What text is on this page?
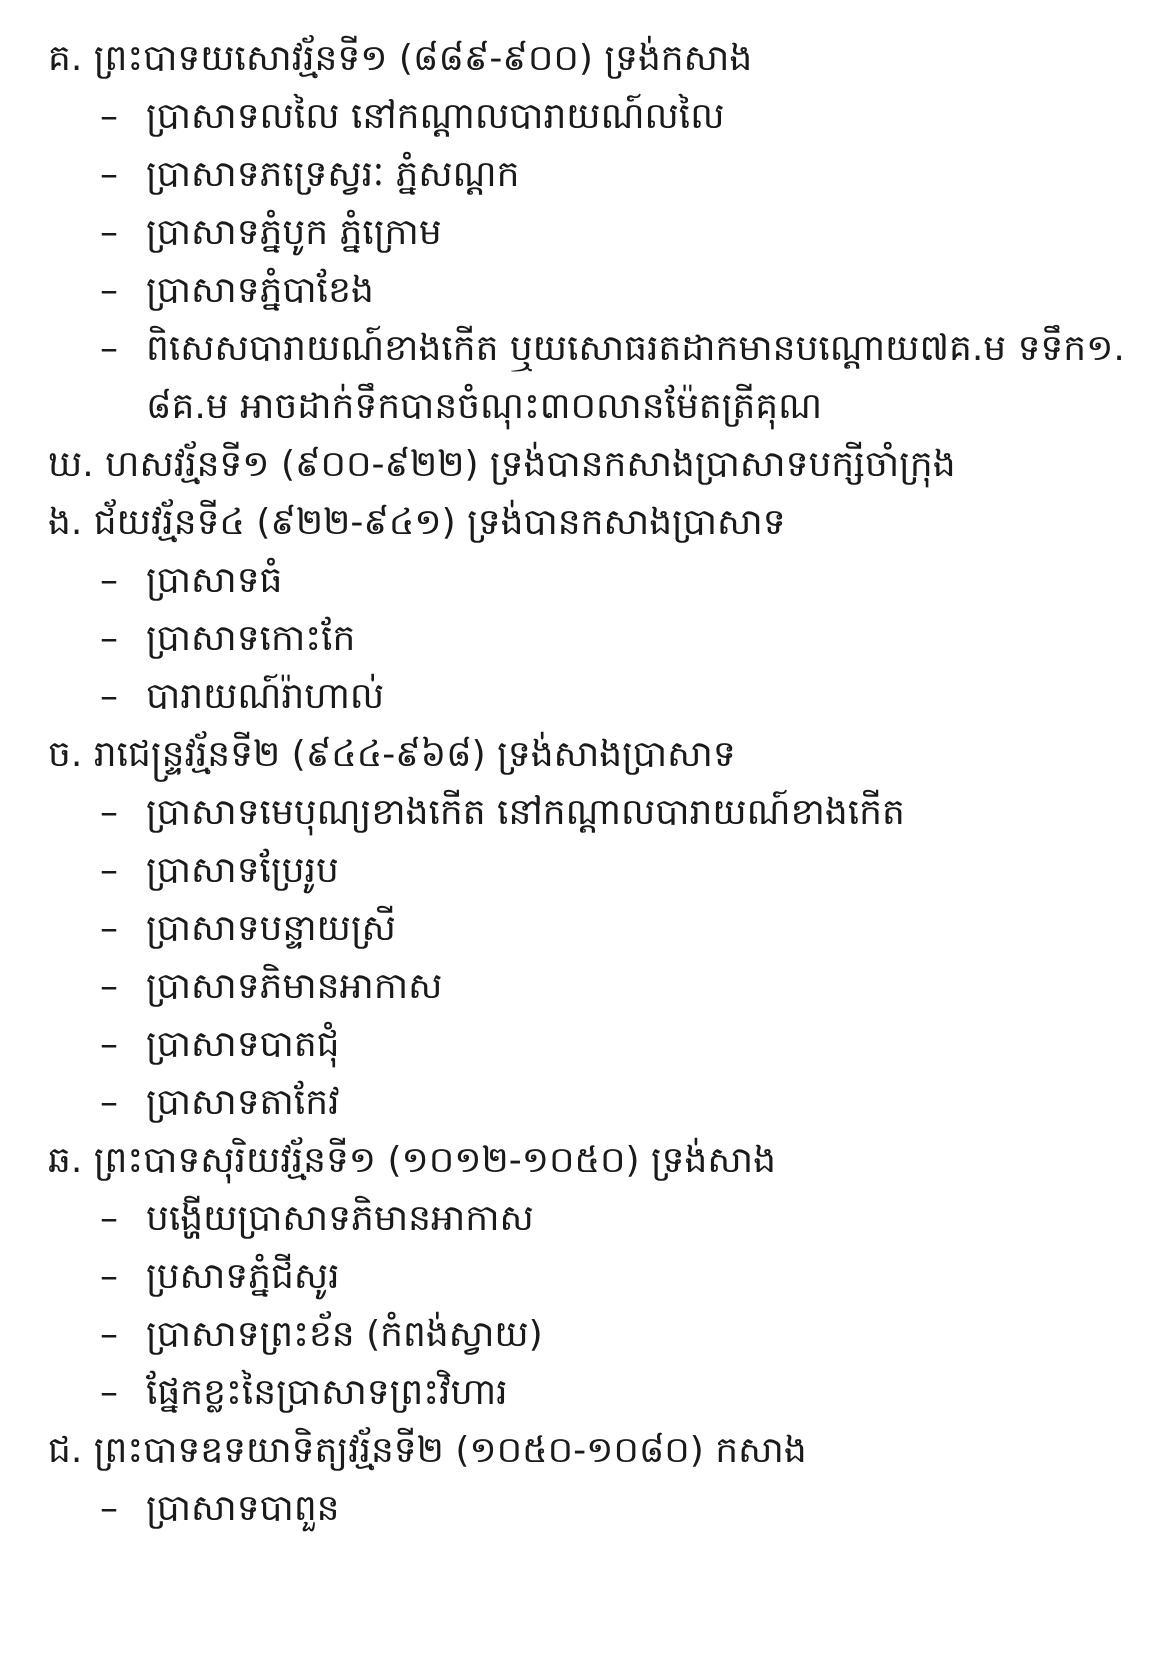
គ. ព្រះបាទយសោវរ្ម័នទី១ (៨៨៩-៩០០) ទ្រង់កសាង
– ប្រាសាទលលៃ នៅកណ្តាលបារាយណ៍លលៃ
– ប្រាសាទភទ្រេស្វរៈ ភ្នំសណ្តក
– ប្រាសាទភ្នំបូក ភ្នំក្រោម
– ប្រាសាទភ្នំបាខែង
– ពិសេសបារាយណ៍ខាងកើត ឬយសោធរតដាកមានបណ្តោយ៧គ.ម ទទឹក១.៨គ.ម អាចដាក់ទឹកបានចំណុះ៣០លានម៉ែតត្រីគុណ
ឃ. ហសវរ្ម័នទី១ (៩០០-៩២២) ទ្រង់បានកសាងប្រាសាទបក្សីចាំក្រុង
ង. ជ័យវរ្ម័នទី៤ (៩២២-៩៤១) ទ្រង់បានកសាងប្រាសាទ
– ប្រាសាទធំ
– ប្រាសាទកោះកែ
– បារាយណ៍រ៉ាហាល់
ច. រាជេន្ទ្រវរ្ម័នទី២ (៩៤៤-៩៦៨) ទ្រង់សាងប្រាសាទ
– ប្រាសាទមេបុណ្យខាងកើត នៅកណ្តាលបារាយណ៍ខាងកើត
– ប្រាសាទប្រែរូប
– ប្រាសាទបន្ទាយស្រី
– ប្រាសាទភិមានអាកាស
– ប្រាសាទបាតជុំ
– ប្រាសាទតាកែវ
ឆ. ព្រះបាទសុរិយវរ្ម័នទី១ (១០១២-១០៥០) ទ្រង់សាង
– បង្ហើយប្រាសាទភិមានអាកាស
– ប្រសាទភ្នំជីសូរ
– ប្រាសាទព្រះខ័ន (កំពង់ស្វាយ)
– ផ្នែកខ្លះនៃប្រាសាទព្រះវិហារ
ជ. ព្រះបាទឧទយាទិត្យវរ្ម័នទី២ (១០៥០-១០៨០) កសាង
– ប្រាសាទបាពួន
